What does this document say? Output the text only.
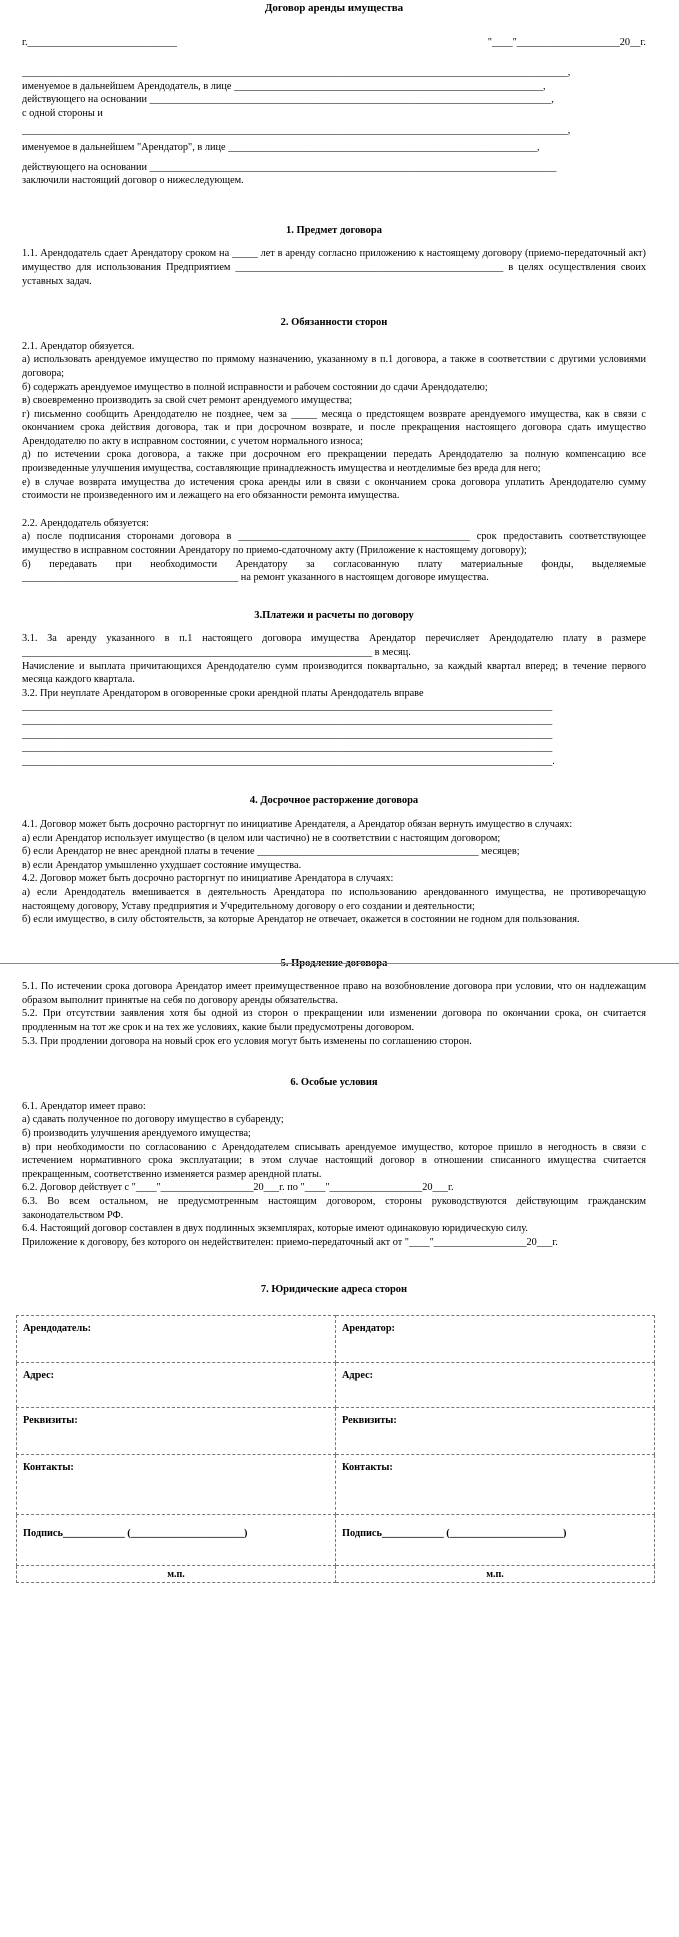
Договор аренды имущества
г._____________________________	"____"____________________20__г.
__________________________________________________________________________________________________________,
именуемое в дальнейшем Арендодатель, в лице ____________________________________________________________,
действующего на основании ______________________________________________________________________________,
с одной стороны и
__________________________________________________________________________________________________________,
именуемое в дальнейшем "Арендатор", в лице ____________________________________________________________,
действующего на основании _______________________________________________________________________________
заключили настоящий договор о нижеследующем.
1. Предмет договора

1.1. Арендодатель сдает Арендатору сроком на _____ лет в аренду согласно приложению к настоящему договору (приемо-передаточный акт) имущество для использования Предприятием ____________________________________________________ в целях осуществления своих уставных задач.

2. Обязанности сторон

2.1. Арендатор обязуется.

а) использовать арендуемое имущество по прямому назначению, указанному в п.1 договора, а также в соответствии с другими условиями договора;

б) содержать арендуемое имущество в полной исправности и рабочем состоянии до сдачи Арендодателю;

в) своевременно производить за свой счет ремонт арендуемого имущества;

г) письменно сообщить Арендодателю не позднее, чем за _____ месяца о предстоящем возврате арендуемого имущества, как в связи с окончанием срока действия договора, так и при досрочном возврате, и после прекращения настоящего договора сдать имущество Арендодателю по акту в исправном состоянии, с учетом нормального износа;

д) по истечении срока договора, а также при досрочном его прекращении передать Арендодателю за полную компенсацию все произведенные улучшения имущества, составляющие принадлежность имущества и неотделимые без вреда для него;

е) в случае возврата имущества до истечения срока аренды или в связи с окончанием срока договора уплатить Арендодателю сумму стоимости не произведенного им и лежащего на его обязанности ремонта имущества.

2.2. Арендодатель обязуется:

а) после подписания сторонами договора в _____________________________________________ срок предоставить соответствующее имущество в исправном состоянии Арендатору по приемо-сдаточному акту (Приложение к настоящему договору);

б) передавать при необходимости Арендатору за согласованную плату материальные фонды, выделяемые __________________________________________ на ремонт указанного в настоящем договоре имущества.

3.Платежи и расчеты по договору

3.1. За аренду указанного в п.1 настоящего договора имущества Арендатор перечисляет Арендодателю плату в размере ____________________________________________________________________ в месяц.

Начисление и выплата причитающихся Арендодателю сумм производится поквартально, за каждый квартал вперед; в течение первого месяца каждого квартала.

3.2. При неуплате Арендатором в оговоренные сроки арендной платы Арендодатель вправе

_______________________________________________________________________________________________________
_______________________________________________________________________________________________________
_______________________________________________________________________________________________________
_______________________________________________________________________________________________________
_______________________________________________________________________________________________________.
4. Досрочное расторжение договора

4.1. Договор может быть досрочно расторгнут по инициативе Арендателя, а Арендатор обязан вернуть имущество в случаях:

а) если Арендатор использует имущество (в целом или частично) не в соответствии с настоящим договором;

б) если Арендатор не внес арендной платы в течение ___________________________________________ месяцев;

в) если Арендатор умышленно ухудшает состояние имущества.

4.2. Договор может быть досрочно расторгнут по инициативе Арендатора в случаях:

а) если Арендодатель вмешивается в деятельность Арендатора по использованию арендованного имущества, не противоречащую настоящему договору, Уставу предприятия и Учредительному договору о его создании и деятельности;

б) если имущество, в силу обстоятельств, за которые Арендатор не отвечает, окажется в состоянии не годном для пользования.

5. Продление договора

5.1. По истечении срока договора Арендатор имеет преимущественное право на возобновление договора при условии, что он надлежащим образом выполнит принятые на себя по договору аренды обязательства.

5.2. При отсутствии заявления хотя бы одной из сторон о прекращении или изменении договора по окончании срока, он считается продленным на тот же срок и на тех же условиях, какие были предусмотрены договором.

5.3. При продлении договора на новый срок его условия могут быть изменены по соглашению сторон.

6. Особые условия

6.1. Арендатор имеет право:

а) сдавать полученное по договору имущество в субаренду;

б) производить улучшения арендуемого имущества;

в) при необходимости по согласованию с Арендодателем списывать арендуемое имущество, которое пришло в негодность в связи с истечением нормативного срока эксплуатации; в этом случае настоящий договор в отношении списанного имущества считается прекращенным, соответственно изменяется размер арендной платы.

6.2. Договор действует с "____"__________________20___г. по "____"__________________20___г.

6.3. Во всем остальном, не предусмотренным настоящим договором, стороны руководствуются действующим гражданским законодательством РФ.

6.4. Настоящий договор составлен в двух подлинных экземплярах, которые имеют одинаковую юридическую силу.

Приложение к договору, без которого он недействителен: приемо-передаточный акт от "____"__________________20___г.

7. Юридические адреса сторон
Арендодатель:	Арендатор:
Адрес:	Адрес:
Реквизиты:	Реквизиты:
Контакты:	Контакты:
Подпись____________ (______________________)	Подпись____________ (______________________)
м.п.	м.п.
